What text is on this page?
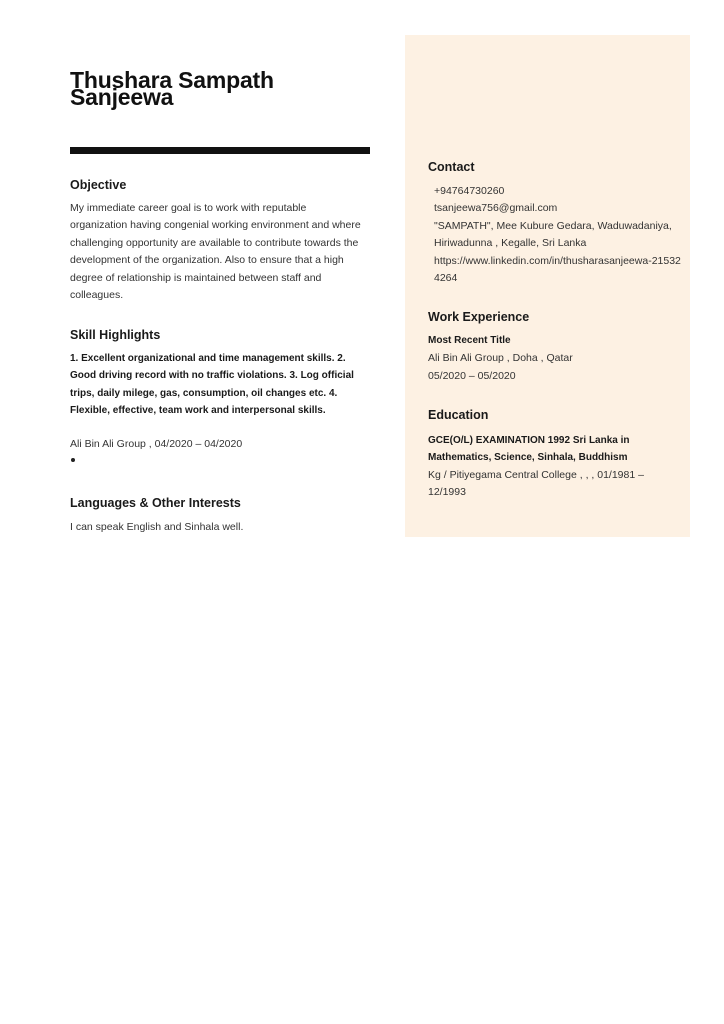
Thushara Sampath Sanjeewa
Objective
My immediate career goal is to work with reputable organization having congenial working environment and where challenging opportunity are available to contribute towards the development of the organization. Also to ensure that a high degree of relationship is maintained between staff and colleagues.
Skill Highlights
1. Excellent organizational and time management skills. 2. Good driving record with no traffic violations. 3. Log official trips, daily milege, gas, consumption, oil changes etc. 4. Flexible, effective, team work and interpersonal skills.
Ali Bin Ali Group , 04/2020 – 04/2020
Languages & Other Interests
I can speak English and Sinhala well.
Contact
+94764730260
tsanjeewa756@gmail.com
"SAMPATH", Mee Kubure Gedara, Waduwadaniya, Hiriwadunna , Kegalle, Sri Lanka
https://www.linkedin.com/in/thusharasanjeewa-215324264
Work Experience
Most Recent Title
Ali Bin Ali Group , Doha , Qatar
05/2020 – 05/2020
Education
GCE(O/L) EXAMINATION 1992 Sri Lanka in Mathematics, Science, Sinhala, Buddhism
Kg / Pitiyegama Central College , , , 01/1981 – 12/1993
